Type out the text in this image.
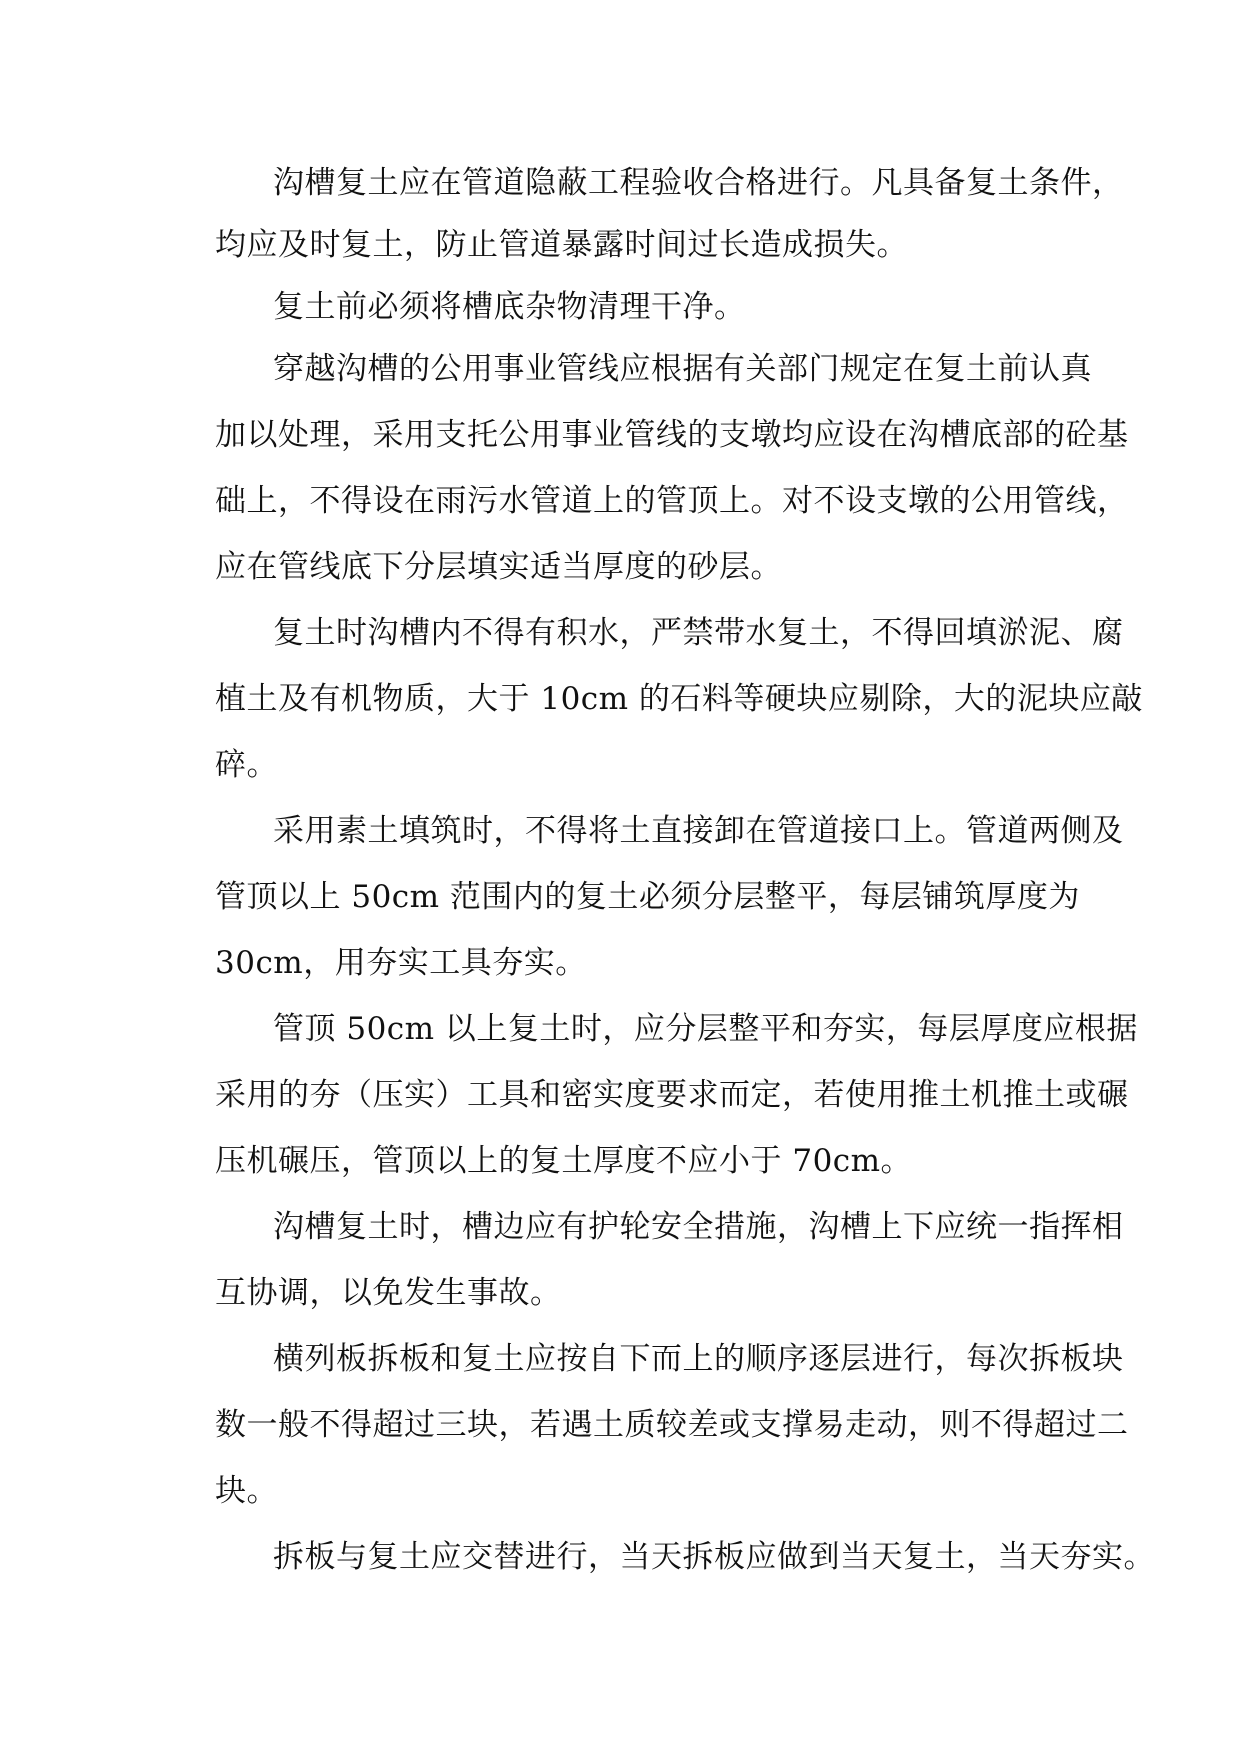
沟槽复土应在管道隐蔽工程验收合格进行。凡具备复土条件，
均应及时复土，防止管道暴露时间过长造成损失。
复土前必须将槽底杂物清理干净。
穿越沟槽的公用事业管线应根据有关部门规定在复土前认真
加以处理，采用支托公用事业管线的支墩均应设在沟槽底部的砼基
础上，不得设在雨污水管道上的管顶上。对不设支墩的公用管线，
应在管线底下分层填实适当厚度的砂层。
复土时沟槽内不得有积水，严禁带水复土，不得回填淤泥、腐
植土及有机物质，大于 10cm 的石料等硬块应剔除，大的泥块应敲
碎。
采用素土填筑时，不得将土直接卸在管道接口上。管道两侧及
管顶以上 50cm 范围内的复土必须分层整平，每层铺筑厚度为
30cm，用夯实工具夯实。
管顶 50cm 以上复土时，应分层整平和夯实，每层厚度应根据
采用的夯（压实）工具和密实度要求而定，若使用推土机推土或碾
压机碾压，管顶以上的复土厚度不应小于 70cm。
沟槽复土时，槽边应有护轮安全措施，沟槽上下应统一指挥相
互协调，以免发生事故。
横列板拆板和复土应按自下而上的顺序逐层进行，每次拆板块
数一般不得超过三块，若遇土质较差或支撑易走动，则不得超过二
块。
拆板与复土应交替进行，当天拆板应做到当天复土，当天夯实。
